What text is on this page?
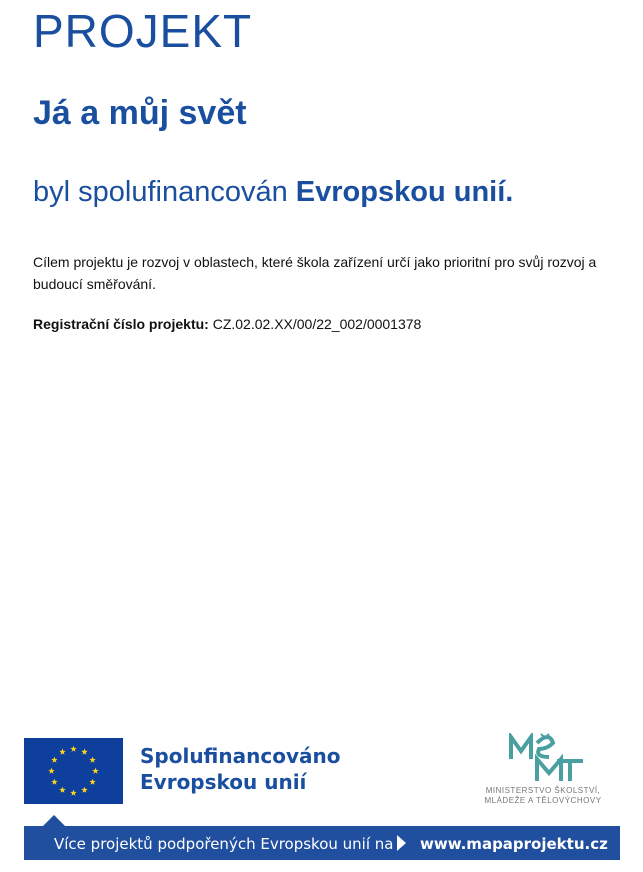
PROJEKT
Já a můj svět
byl spolufinancován Evropskou unií.
Cílem projektu je rozvoj v oblastech, které škola zařízení určí jako prioritní pro svůj rozvoj a budoucí směřování.
Registrační číslo projektu: CZ.02.02.XX/00/22_002/0001378
Spolufinancováno
Evropskou unií	MINISTERSTVO ŠKOLSTVÍ,
MLÁDEŽE A TĚLOVÝCHOVY
Více projektů podpořených Evropskou unií na www.mapaprojektu.cz
